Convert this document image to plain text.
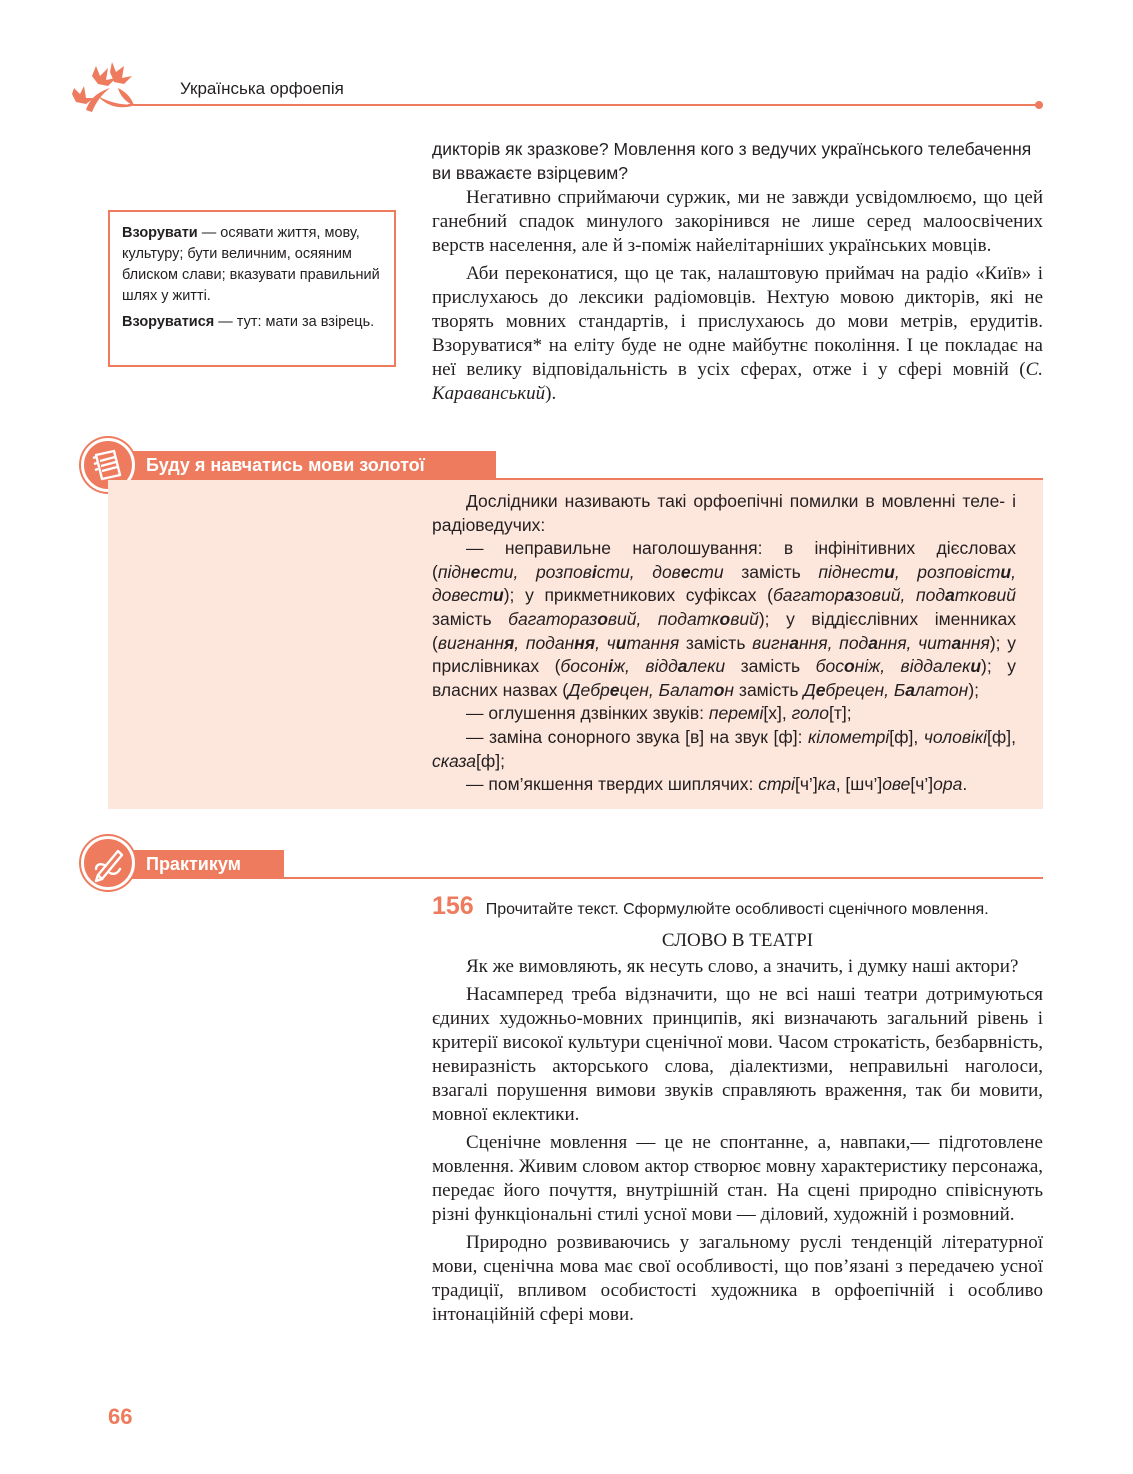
Українська орфоепія
дикторів як зразкове? Мовлення кого з ведучих українського телебачення ви вважаєте взірцевим?

Негативно сприймаючи суржик, ми не завжди усвідомлюємо, що цей ганебний спадок минулого закорінився не лише серед малоосвічених верств населення, але й з-поміж найелітарніших українських мовців.

Аби переконатися, що це так, налаштовую приймач на радіо «Київ» і прислухаюсь до лексики радіомовців. Нехтую мовою дикторів, які не творять мовних стандартів, і прислухаюсь до мови метрів, ерудитів. Взоруватися* на еліту буде не одне майбутнє покоління. І це покладає на неї велику відповідальність в усіх сферах, отже і у сфері мовній (С. Караванський).

Взорувати — осявати життя, мову, культуру; бути величним, осяяним блиском слави; вказувати правильний шлях у житті.

Взоруватися — тут: мати за взірець.

Буду я навчатись мови золотої

Дослідники називають такі орфоепічні помилки в мовленні теле- і радіоведучих:

— неправильне наголошування: в інфінітивних дієсловах (піднести, розповісти, довести замість піднести, розповісти, довести); у прикметникових суфіксах (багаторазовий, податковий замість багаторазовий, податковий); у віддієслівних іменниках (вигнання, подання, читання замість вигнання, подання, читання); у прислівниках (босоніж, віддалеки замість босоніж, віддалеки); у власних назвах (Дебрецен, Балатон замість Дебрецен, Балатон);

— оглушення дзвінких звуків: перемі[х], голо[т];

— заміна сонорного звука [в] на звук [ф]: кілометрі[ф], чоловікі[ф], сказа[ф];

— пом’якшення твердих шиплячих: стрі[ч’]ка, [шч’]ове[ч’]ора.

Практикум
156 Прочитайте текст. Сформулюйте особливості сценічного мовлення.
СЛОВО В ТЕАТРІ

Як же вимовляють, як несуть слово, а значить, і думку наші актори?

Насамперед треба відзначити, що не всі наші театри дотримуються єдиних художньо-мовних принципів, які визначають загальний рівень і критерії високої культури сценічної мови. Часом строкатість, безбарвність, невиразність акторського слова, діалектизми, неправильні наголоси, взагалі порушення вимови звуків справляють враження, так би мовити, мовної еклектики.

Сценічне мовлення — це не спонтанне, а, навпаки,— підготовлене мовлення. Живим словом актор створює мовну характеристику персонажа, передає його почуття, внутрішній стан. На сцені природно співіснують різні функціональні стилі усної мови — діловий, художній і розмовний.

Природно розвиваючись у загальному руслі тенденцій літературної мови, сценічна мова має свої особливості, що пов’язані з передачею усної традиції, впливом особистості художника в орфоепічній і особливо інтонаційній сфері мови.

66
